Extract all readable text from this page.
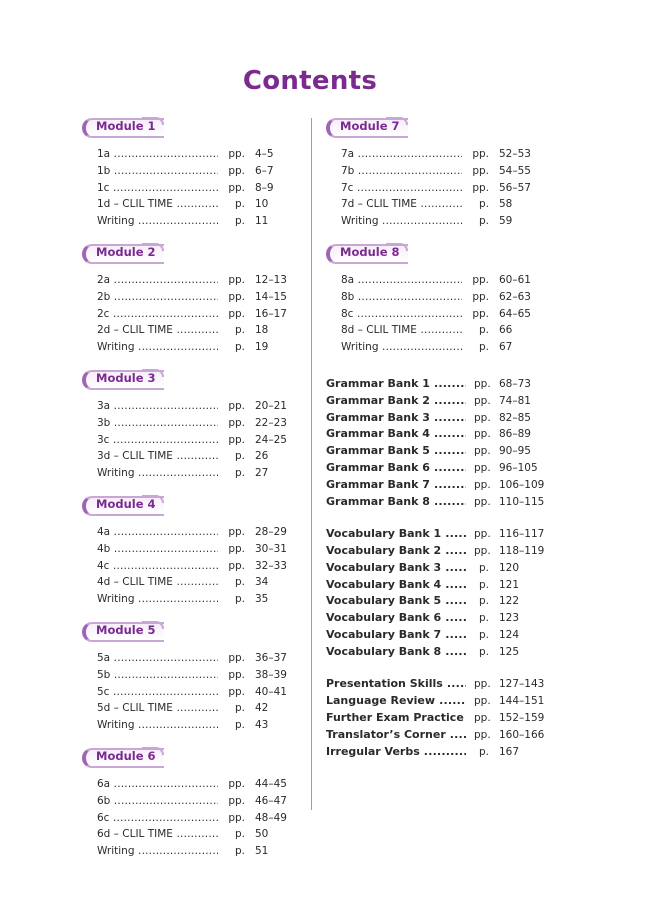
Contents
Module 1
1a .....	pp. 4–5
1b .....	pp. 6–7
1c .....	pp. 8–9
1d – CLIL TIME .....	p. 10
Writing .....	p. 11
Module 2
2a .....	pp. 12–13
2b .....	pp. 14–15
2c .....	pp. 16–17
2d – CLIL TIME .....	p. 18
Writing .....	p. 19
Module 3
3a .....	pp. 20–21
3b .....	pp. 22–23
3c .....	pp. 24–25
3d – CLIL TIME .....	p. 26
Writing .....	p. 27
Module 4
4a .....	pp. 28–29
4b .....	pp. 30–31
4c .....	pp. 32–33
4d – CLIL TIME .....	p. 34
Writing .....	p. 35
Module 5
5a .....	pp. 36–37
5b .....	pp. 38–39
5c .....	pp. 40–41
5d – CLIL TIME .....	p. 42
Writing .....	p. 43
Module 6
6a .....	pp. 44–45
6b .....	pp. 46–47
6c .....	pp. 48–49
6d – CLIL TIME .....	p. 50
Writing .....	p. 51
Module 7
7a .....	pp. 52–53
7b .....	pp. 54–55
7c .....	pp. 56–57
7d – CLIL TIME .....	p. 58
Writing .....	p. 59
Module 8
8a .....	pp. 60–61
8b .....	pp. 62–63
8c .....	pp. 64–65
8d – CLIL TIME .....	p. 66
Writing .....	p. 67
Grammar Bank 1 .....	pp. 68–73
Grammar Bank 2 .....	pp. 74–81
Grammar Bank 3 .....	pp. 82–85
Grammar Bank 4 .....	pp. 86–89
Grammar Bank 5 .....	pp. 90–95
Grammar Bank 6 .....	pp. 96–105
Grammar Bank 7 .....	pp. 106–109
Grammar Bank 8 .....	pp. 110–115
Vocabulary Bank 1 .....	pp. 116–117
Vocabulary Bank 2 .....	pp. 118–119
Vocabulary Bank 3 .....	p. 120
Vocabulary Bank 4 .....	p. 121
Vocabulary Bank 5 .....	p. 122
Vocabulary Bank 6 .....	p. 123
Vocabulary Bank 7 .....	p. 124
Vocabulary Bank 8 .....	p. 125
Presentation Skills .....	pp. 127–143
Language Review .....	pp. 144–151
Further Exam Practice ..... pp. 152–159
Translator’s Corner .....	pp. 160–166
Irregular Verbs .....	p. 167
